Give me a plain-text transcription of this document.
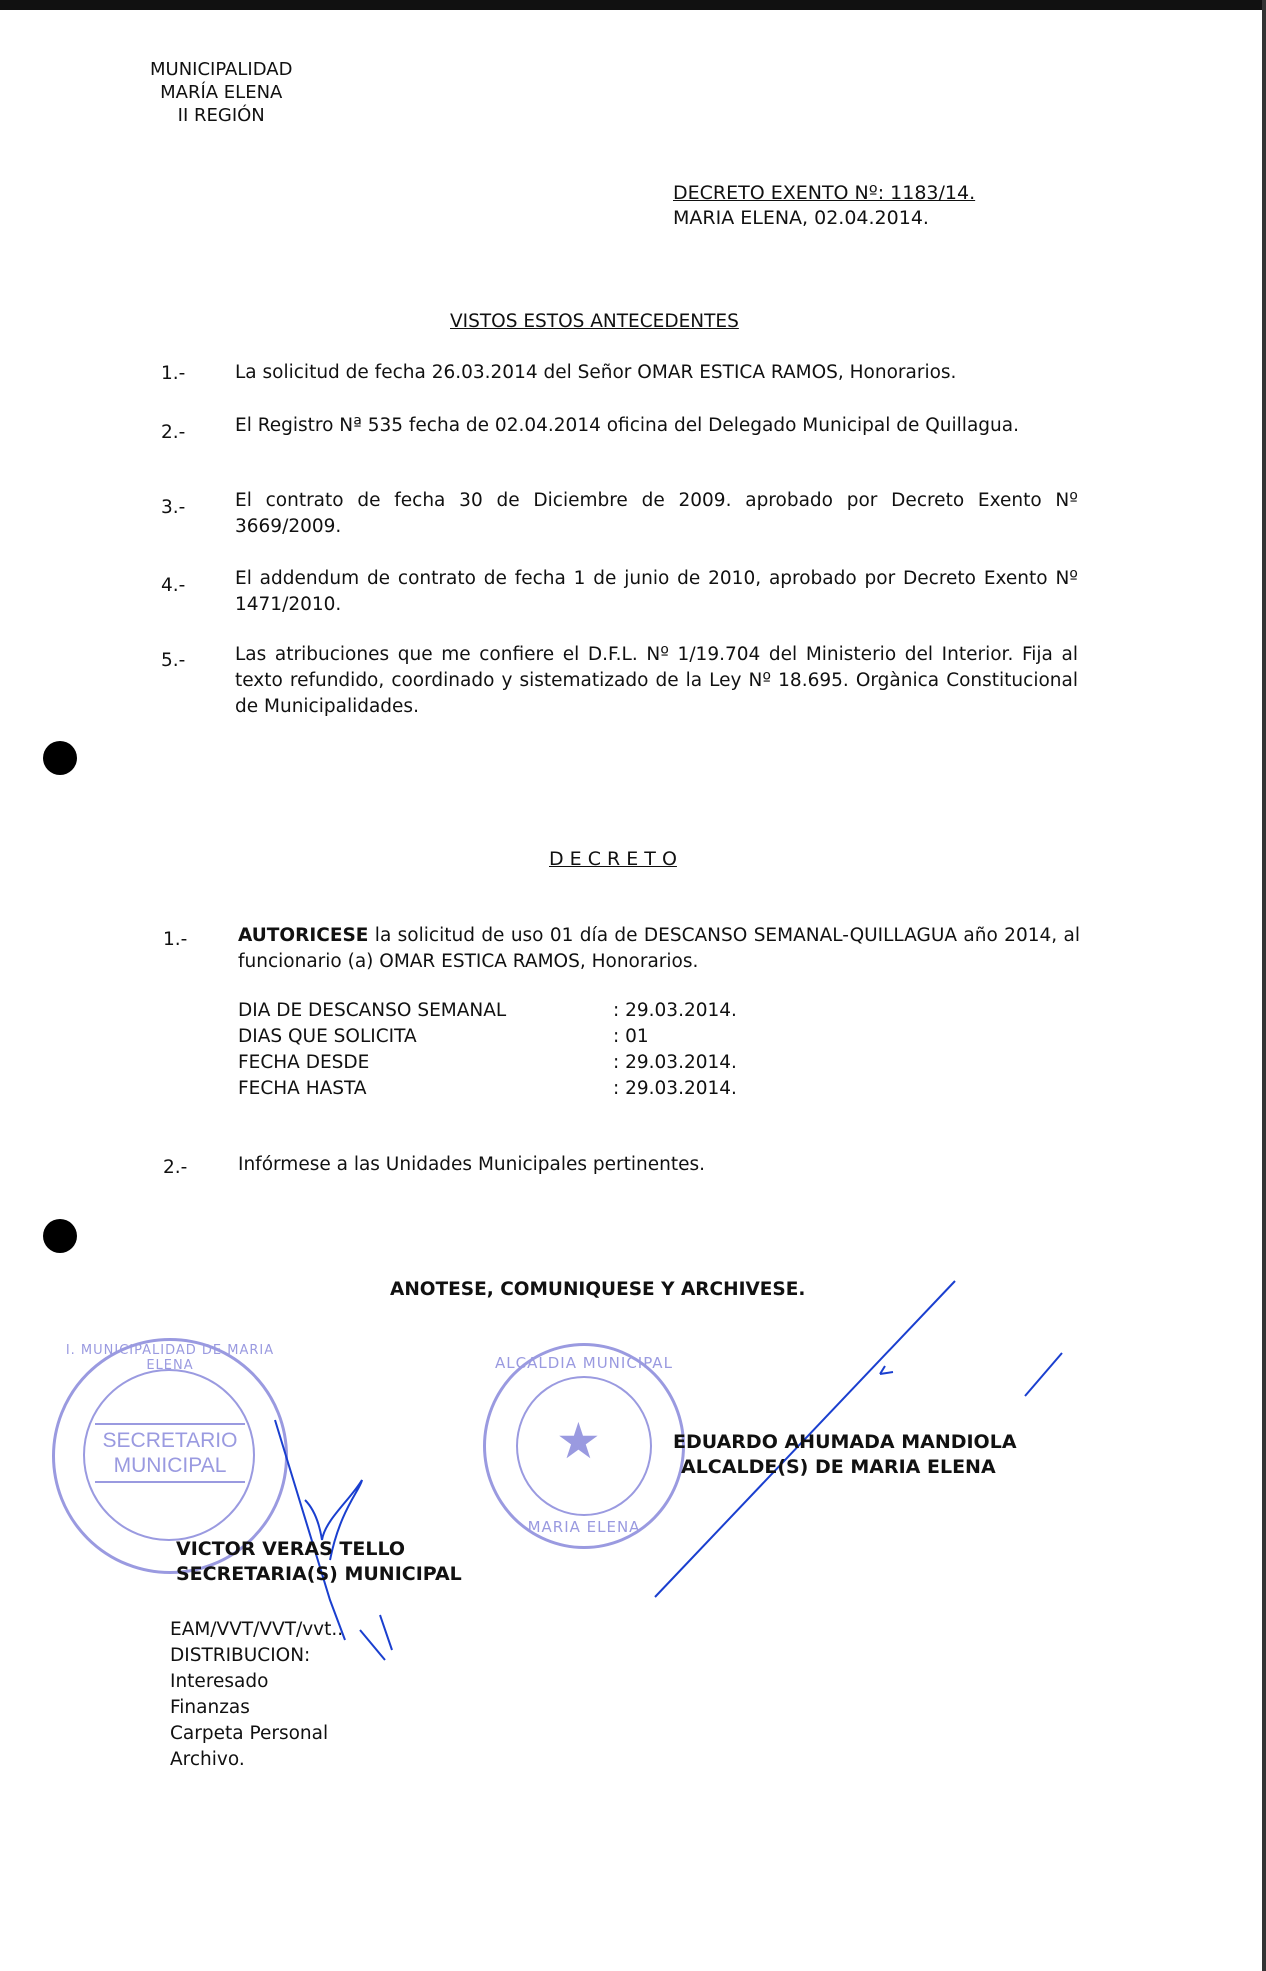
MUNICIPALIDAD
MARÍA ELENA
II REGIÓN
DECRETO EXENTO Nº: 1183/14.
MARIA ELENA, 02.04.2014.
VISTOS ESTOS ANTECEDENTES
1.-	La solicitud de fecha 26.03.2014 del Señor OMAR ESTICA RAMOS, Honorarios.
2.-	El Registro Nª 535 fecha de 02.04.2014 oficina del Delegado Municipal de Quillagua.
3.-	El contrato de fecha 30 de Diciembre de 2009. aprobado por Decreto Exento Nº 3669/2009.
4.-	El addendum de contrato de fecha 1 de junio de 2010, aprobado por Decreto Exento Nº 1471/2010.
5.-	Las atribuciones que me confiere el D.F.L. Nº 1/19.704 del Ministerio del Interior. Fija al texto refundido, coordinado y sistematizado de la Ley Nº 18.695. Orgànica Constitucional de Municipalidades.
D E C R E T O
1.-	AUTORICESE la solicitud de uso 01 día de DESCANSO SEMANAL-QUILLAGUA año 2014, al funcionario (a) OMAR ESTICA RAMOS, Honorarios.
DIA DE DESCANSO SEMANAL	: 29.03.2014.
DIAS QUE SOLICITA	: 01
FECHA DESDE	: 29.03.2014.
FECHA HASTA	: 29.03.2014.
2.-	Infórmese a las Unidades Municipales pertinentes.
ANOTESE, COMUNIQUESE Y ARCHIVESE.
SECRETARIO
MUNICIPAL
I. MUNICIPALIDAD DE MARIA ELENA	ALCALDIA MUNICIPAL
★
MARIA ELENA
EDUARDO AHUMADA MANDIOLA
ALCALDE(S) DE MARIA ELENA
VICTOR VERAS TELLO
SECRETARIA(S) MUNICIPAL
EAM/VVT/VVT/vvt..
DISTRIBUCION:
Interesado
Finanzas
Carpeta Personal
Archivo.
